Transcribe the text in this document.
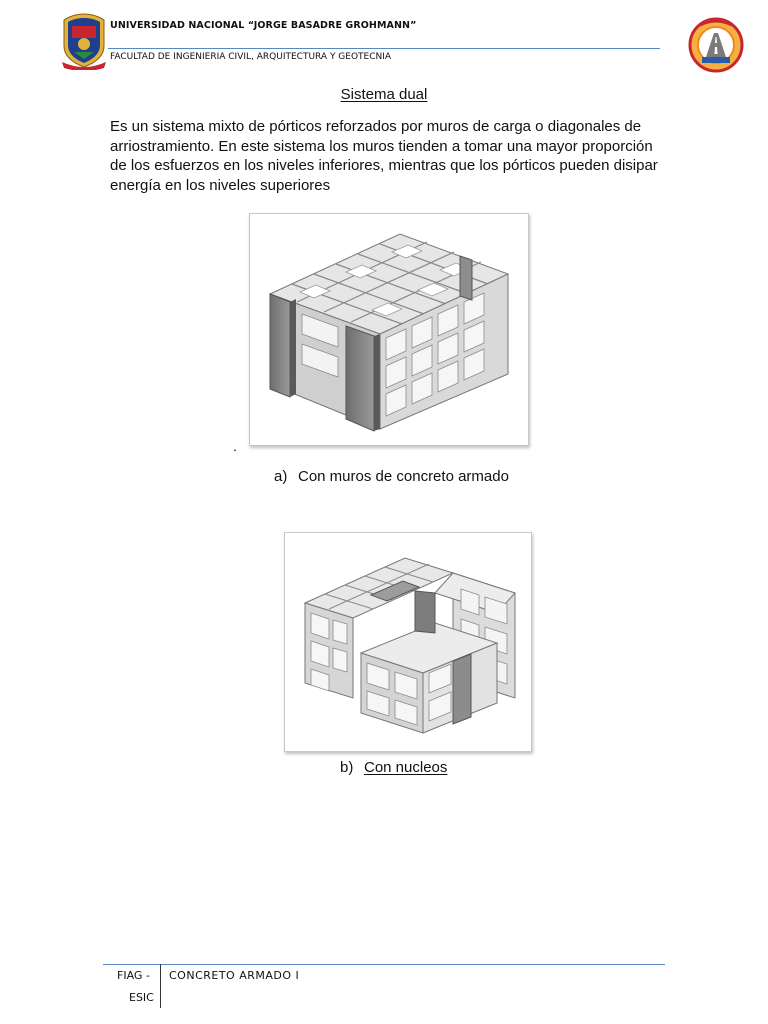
UNIVERSIDAD NACIONAL “JORGE BASADRE GROHMANN”
FACULTAD DE INGENIERIA CIVIL, ARQUITECTURA Y GEOTECNIA
Sistema dual
Es un sistema mixto de pórticos reforzados por muros de carga o diagonales de arriostramiento. En este sistema los muros tienden a tomar una mayor proporción de los esfuerzos en los niveles inferiores, mientras que los pórticos pueden disipar energía en los niveles superiores
.
a) Con muros de concreto armado
b) Con nucleos
FIAG -
ESIC
CONCRETO ARMADO I
